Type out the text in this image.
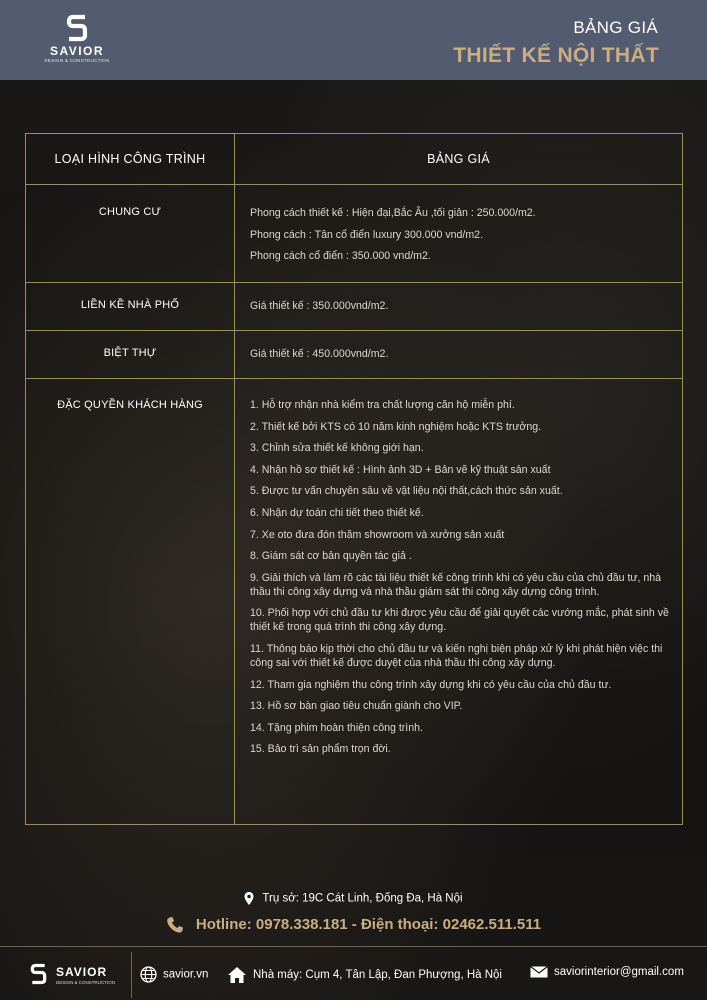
SAVIOR
DESIGN & CONSTRUCTION
BẢNG GIÁ
THIẾT KẾ NỘI THẤT
LOẠI HÌNH CÔNG TRÌNH	BẢNG GIÁ
CHUNG CƯ	Phong cách thiết kế : Hiện đại,Bắc Âu ,tối giản : 250.000/m2.
Phong cách : Tân cổ điển luxury 300.000 vnd/m2.
Phong cách cổ điển : 350.000 vnd/m2.
LIỀN KỀ NHÀ PHỐ	Giá thiết kế : 350.000vnd/m2.
BIỆT THỰ	Giá thiết kế : 450.000vnd/m2.
ĐẶC QUYỀN KHÁCH HÀNG	1. Hỗ trợ nhận nhà kiểm tra chất lượng căn hộ miễn phí.
2. Thiết kế bởi KTS có 10 năm kinh nghiệm hoặc KTS trưởng.
3. Chỉnh sửa thiết kế không giới hạn.
4. Nhận hồ sơ thiết kế : Hình ảnh 3D + Bản vẽ kỹ thuật sản xuất
5. Được tư vấn chuyên sâu về vật liệu nội thất,cách thức sản xuất.
6. Nhận dự toán chi tiết theo thiết kế.
7. Xe oto đưa đón thăm showroom và xưởng sản xuất
8. Giám sát cơ bản quyền tác giả .
9. Giải thích và làm rõ các tài liệu thiết kế công trình khi có yêu cầu của chủ đầu tư, nhà thầu thi công xây dựng và nhà thầu giám sát thi công xây dựng công trình.
10. Phối hợp với chủ đầu tư khi được yêu cầu để giải quyết các vướng mắc, phát sinh về thiết kế trong quá trình thi công xây dựng.
11. Thông báo kịp thời cho chủ đầu tư và kiến nghị biện pháp xử lý khi phát hiện việc thi công sai với thiết kế được duyệt của nhà thầu thi công xây dựng.
12. Tham gia nghiệm thu công trình xây dựng khi có yêu cầu của chủ đầu tư.
13. Hồ sơ bàn giao tiêu chuẩn giành cho VIP.
14. Tặng phim hoàn thiện công trình.
15. Bảo trì sản phẩm trọn đời.
Trụ sở: 19C Cát Linh, Đống Đa, Hà Nội
Hotline: 0978.338.181 - Điện thoại: 02462.511.511
SAVIOR
DESIGN & CONSTRUCTION
savior.vn	Nhà máy: Cụm 4, Tân Lập, Đan Phượng, Hà Nội	saviorinterior@gmail.com
